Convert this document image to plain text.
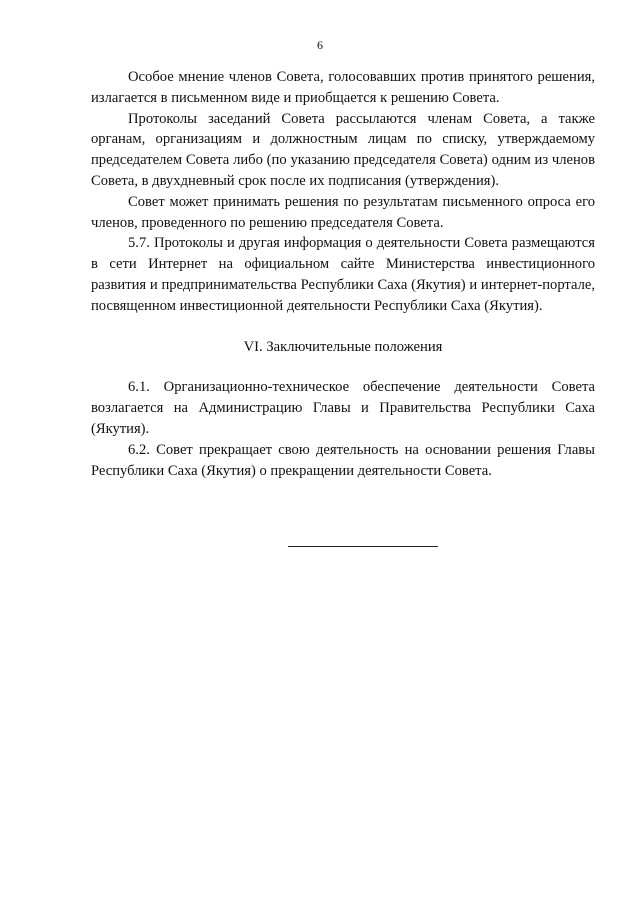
6

Особое мнение членов Совета, голосовавших против принятого решения, излагается в письменном виде и приобщается к решению Совета.

Протоколы заседаний Совета рассылаются членам Совета, а также органам, организациям и должностным лицам по списку, утверждаемому председателем Совета либо (по указанию председателя Совета) одним из членов Совета, в двухдневный срок после их подписания (утверждения).

Совет может принимать решения по результатам письменного опроса его членов, проведенного по решению председателя Совета.

5.7. Протоколы и другая информация о деятельности Совета размещаются в сети Интернет на официальном сайте Министерства инвестиционного развития и предпринимательства Республики Саха (Якутия) и интернет-портале, посвященном инвестиционной деятельности Республики Саха (Якутия).

VI. Заключительные положения

6.1. Организационно-техническое обеспечение деятельности Совета возлагается на Администрацию Главы и Правительства Республики Саха (Якутия).

6.2. Совет прекращает свою деятельность на основании решения Главы Республики Саха (Якутия) о прекращении деятельности Совета.
